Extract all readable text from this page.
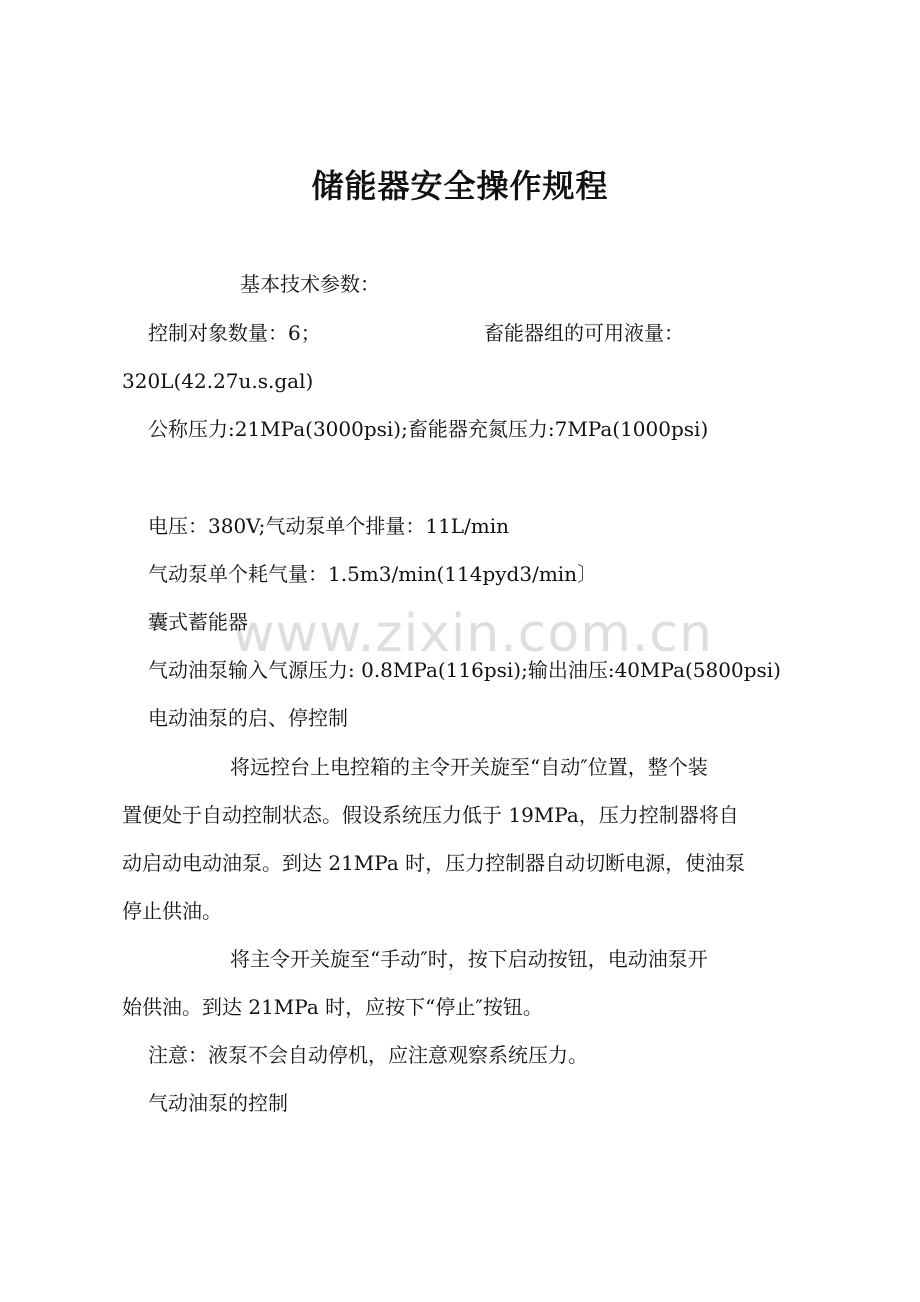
储能器安全操作规程
www.zixin.com.cn
基本技术参数：
控制对象数量：6；	畜能器组的可用液量：
320L(42.27u.s.gal)
公称压力:21MPa(3000psi);畜能器充氮压力:7MPa(1000psi)
电压：380V;气动泵单个排量：11L/min
气动泵单个耗气量：1.5m3/min(114pyd3/min〕
囊式蓄能器
气动油泵输入气源压力: 0.8MPa(116psi);输出油压:40MPa(5800psi)
电动油泵的启、停控制
将远控台上电控箱的主令开关旋至“自动″位置，整个装
置便处于自动控制状态。假设系统压力低于 19MPa，压力控制器将自
动启动电动油泵。到达 21MPa 时，压力控制器自动切断电源，使油泵
停止供油。
将主令开关旋至“手动″时，按下启动按钮，电动油泵开
始供油。到达 21MPa 时，应按下“停止″按钮。
注意：液泵不会自动停机，应注意观察系统压力。
气动油泵的控制
